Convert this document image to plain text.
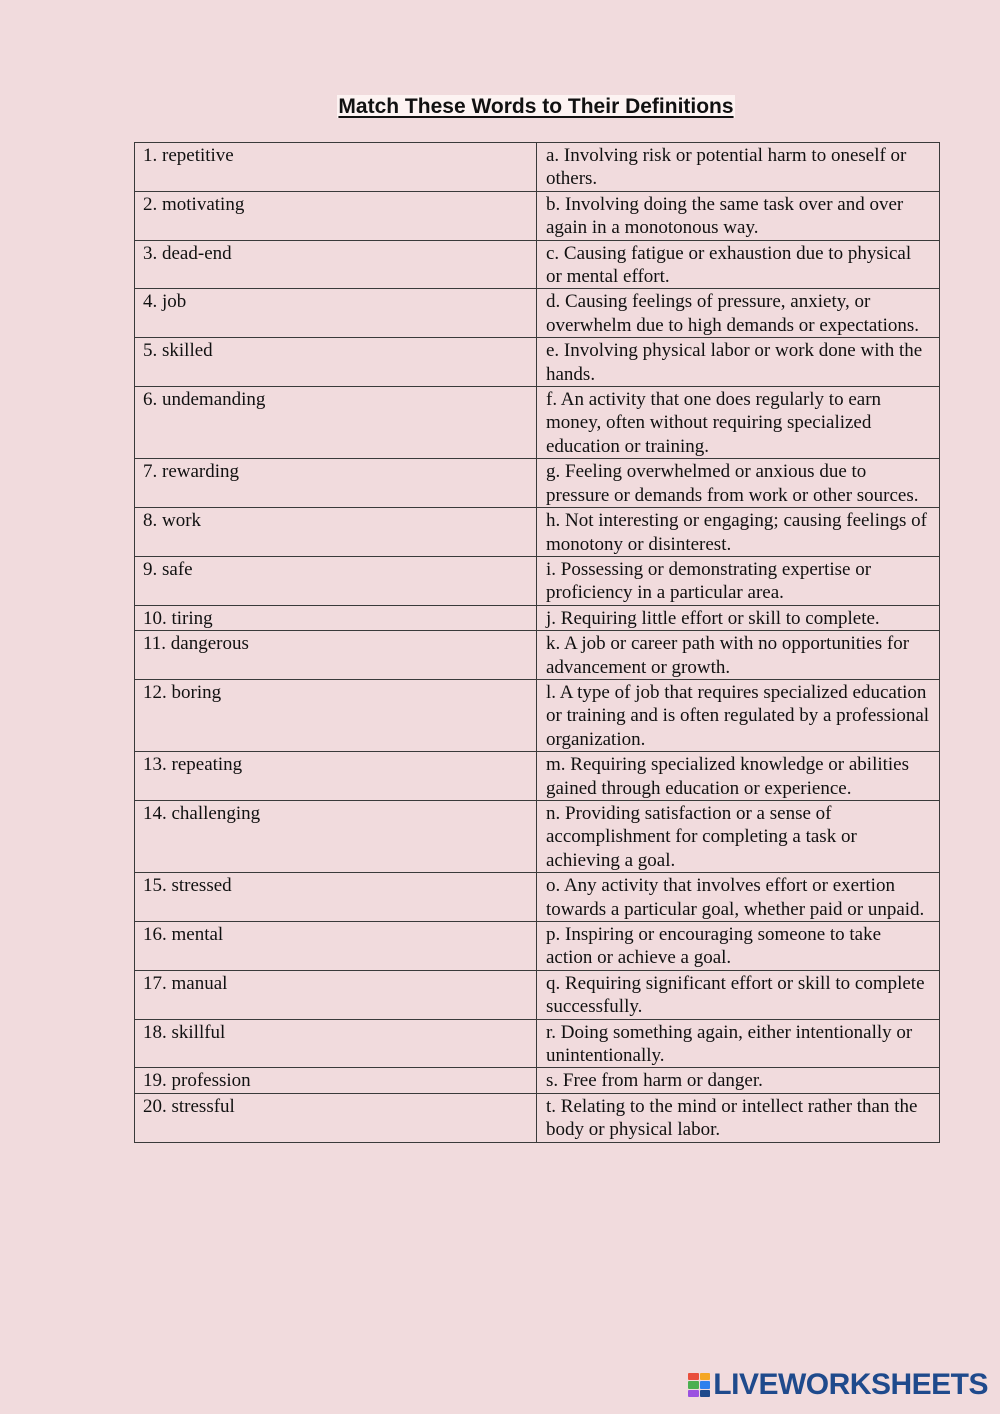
Match These Words to Their Definitions
1. repetitive	a. Involving risk or potential harm to oneself or others.
2. motivating	b. Involving doing the same task over and over again in a monotonous way.
3. dead-end	c. Causing fatigue or exhaustion due to physical or mental effort.
4. job	d. Causing feelings of pressure, anxiety, or overwhelm due to high demands or expectations.
5. skilled	e. Involving physical labor or work done with the hands.
6. undemanding	f. An activity that one does regularly to earn money, often without requiring specialized education or training.
7. rewarding	g. Feeling overwhelmed or anxious due to pressure or demands from work or other sources.
8. work	h. Not interesting or engaging; causing feelings of monotony or disinterest.
9. safe	i. Possessing or demonstrating expertise or proficiency in a particular area.
10. tiring	j. Requiring little effort or skill to complete.
11. dangerous	k. A job or career path with no opportunities for advancement or growth.
12. boring	l. A type of job that requires specialized education or training and is often regulated by a professional organization.
13. repeating	m. Requiring specialized knowledge or abilities gained through education or experience.
14. challenging	n. Providing satisfaction or a sense of accomplishment for completing a task or achieving a goal.
15. stressed	o. Any activity that involves effort or exertion towards a particular goal, whether paid or unpaid.
16. mental	p. Inspiring or encouraging someone to take action or achieve a goal.
17. manual	q. Requiring significant effort or skill to complete successfully.
18. skillful	r. Doing something again, either intentionally or unintentionally.
19. profession	s. Free from harm or danger.
20. stressful	t. Relating to the mind or intellect rather than the body or physical labor.
LIVEWORKSHEETS
